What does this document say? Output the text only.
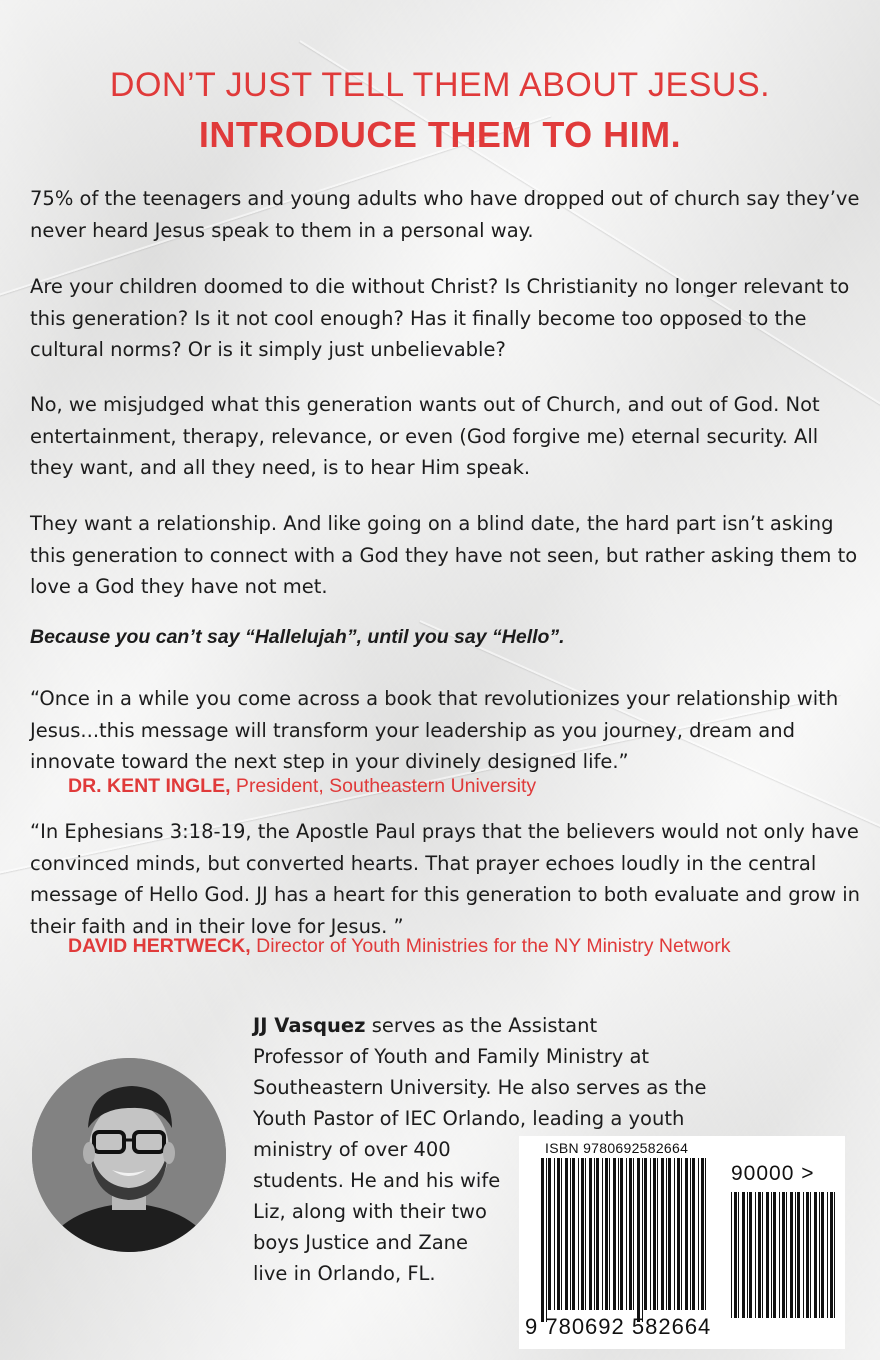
DON’T JUST TELL THEM ABOUT JESUS.
INTRODUCE THEM TO HIM.

75% of the teenagers and young adults who have dropped out of church say they’ve never heard Jesus speak to them in a personal way.

Are your children doomed to die without Christ? Is Christianity no longer relevant to this generation? Is it not cool enough? Has it finally become too opposed to the cultural norms? Or is it simply just unbelievable?

No, we misjudged what this generation wants out of Church, and out of God. Not entertainment, therapy, relevance, or even (God forgive me) eternal security. All they want, and all they need, is to hear Him speak.

They want a relationship. And like going on a blind date, the hard part isn’t asking this generation to connect with a God they have not seen, but rather asking them to love a God they have not met.

Because you can’t say “Hallelujah”, until you say “Hello”.

“Once in a while you come across a book that revolutionizes your relationship with Jesus...this message will transform your leadership as you journey, dream and innovate toward the next step in your divinely designed life.”

DR. KENT INGLE, President, Southeastern University

“In Ephesians 3:18-19, the Apostle Paul prays that the believers would not only have convinced minds, but converted hearts. That prayer echoes loudly in the central message of Hello God. JJ has a heart for this generation to both evaluate and grow in their faith and in their love for Jesus. ”

DAVID HERTWECK, Director of Youth Ministries for the NY Ministry Network
JJ Vasquez serves as the Assistant
Professor of Youth and Family Ministry at
Southeastern University. He also serves as the
Youth Pastor of IEC Orlando, leading a youth
ministry of over 400
students. He and his wife
Liz, along with their two
boys Justice and Zane
live in Orlando, FL.
ISBN 9780692582664
90000 >
9 780692 582664
